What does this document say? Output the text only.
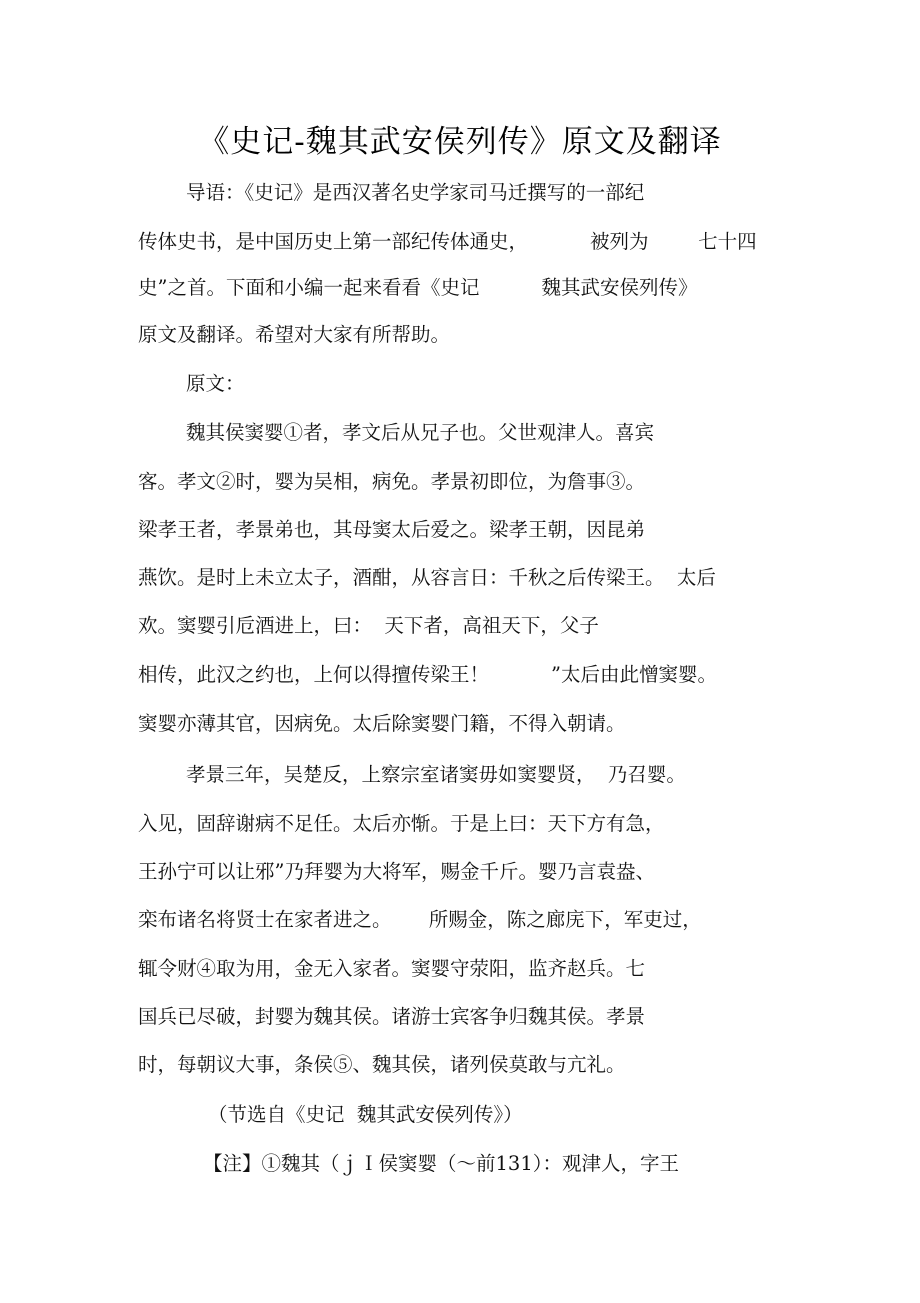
《史记-魏其武安侯列传》原文及翻译
导语：《史记》是西汉著名史学家司马迁撰写的一部纪
传体史书，是中国历史上第一部纪传体通史，          被列为        七十四
史”之首。下面和小编一起来看看《史记          魏其武安侯列传》
原文及翻译。希望对大家有所帮助。
原文：
魏其侯窦婴①者，孝文后从兄子也。父世观津人。喜宾
客。孝文②时，婴为吴相，病免。孝景初即位，为詹事③。
梁孝王者，孝景弟也，其母窦太后爱之。梁孝王朝，因昆弟
燕饮。是时上未立太子，酒酣，从容言日：千秋之后传梁王。  太后
欢。窦婴引卮酒进上，曰：  天下者，高祖天下，父子
相传，此汉之约也，上何以得擅传梁王！          ”太后由此憎窦婴。
窦婴亦薄其官，因病免。太后除窦婴门籍，不得入朝请。
孝景三年，吴楚反，上察宗室诸窦毋如窦婴贤，  乃召婴。
入见，固辞谢病不足任。太后亦惭。于是上曰：天下方有急，
王孙宁可以让邪”乃拜婴为大将军，赐金千斤。婴乃言袁盎、
栾布诸名将贤士在家者进之。      所赐金，陈之廊庑下，军吏过，
辄令财④取为用，金无入家者。窦婴守荥阳，监齐赵兵。七
国兵已尽破，封婴为魏其侯。诸游士宾客争归魏其侯。孝景
时，每朝议大事，条侯⑤、魏其侯，诸列侯莫敢与亢礼。
（节选自《史记  魏其武安侯列传》）
【注】①魏其（ｊＩ侯窦婴（〜前131）：观津人，字王
